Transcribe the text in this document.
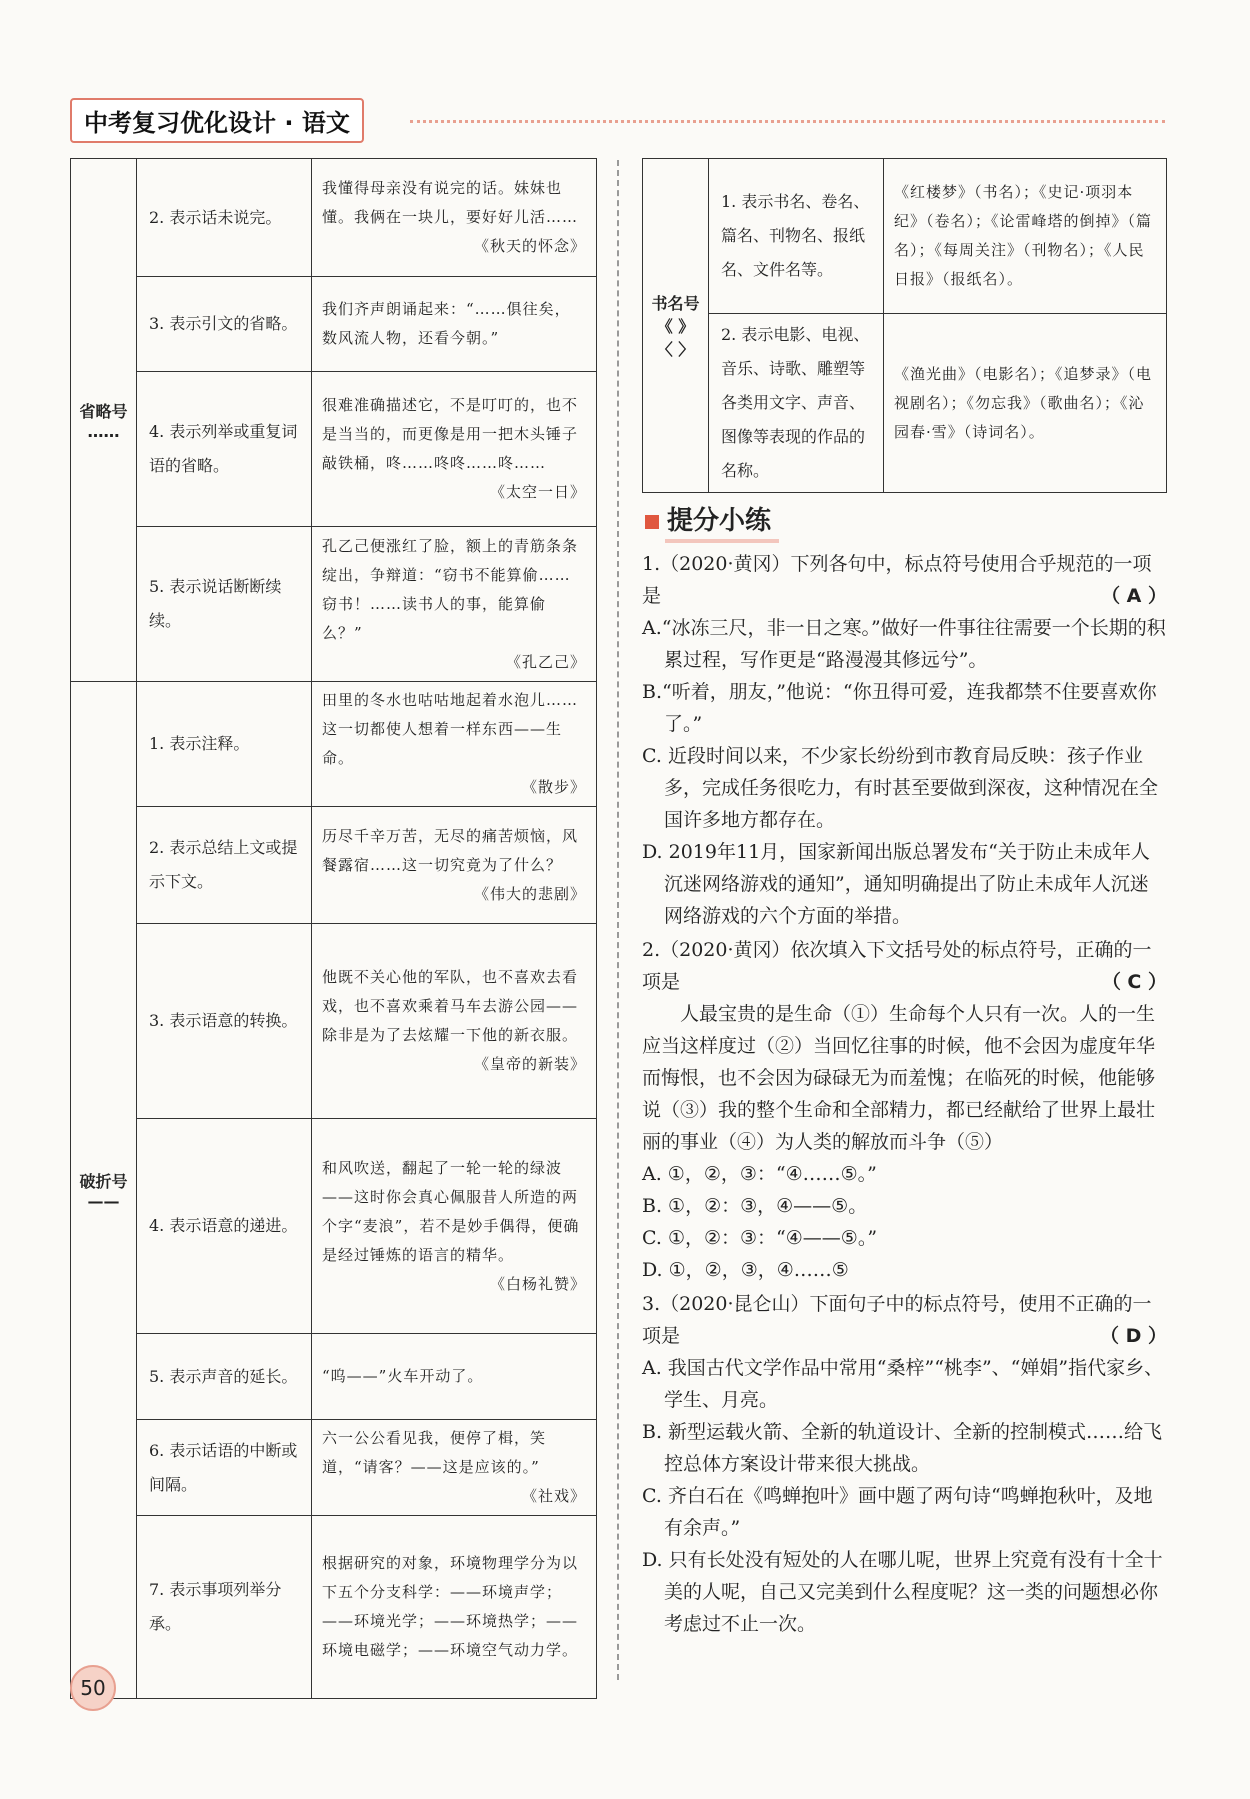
中考复习优化设计 · 语文
省略号
……	2. 表示话未说完。	我懂得母亲没有说完的话。妹妹也懂。我俩在一块儿，要好好儿活……
《秋天的怀念》

	3. 表示引文的省略。	我们齐声朗诵起来：“……俱往矣，数风流人物，还看今朝。”

	4. 表示列举或重复词语的省略。	很难准确描述它，不是叮叮的，也不是当当的，而更像是用一把木头锤子敲铁桶，咚……咚咚……咚……
《太空一日》

	5. 表示说话断断续续。	孔乙己便涨红了脸，额上的青筋条条绽出，争辩道：“窃书不能算偷……窃书！……读书人的事，能算偷么？”
《孔乙己》

破折号
——	1. 表示注释。	田里的冬水也咕咕地起着水泡儿……这一切都使人想着一样东西——生命。
《散步》

	2. 表示总结上文或提示下文。	历尽千辛万苦，无尽的痛苦烦恼，风餐露宿……这一切究竟为了什么？
《伟大的悲剧》

	3. 表示语意的转换。	他既不关心他的军队，也不喜欢去看戏，也不喜欢乘着马车去游公园——除非是为了去炫耀一下他的新衣服。
《皇帝的新装》

	4. 表示语意的递进。	和风吹送，翻起了一轮一轮的绿波——这时你会真心佩服昔人所造的两个字“麦浪”，若不是妙手偶得，便确是经过锤炼的语言的精华。
《白杨礼赞》

	5. 表示声音的延长。	“呜——”火车开动了。

	6. 表示话语的中断或间隔。	六一公公看见我，便停了楫，笑道，“请客？——这是应该的。”
《社戏》

	7. 表示事项列举分承。	根据研究的对象，环境物理学分为以下五个分支科学：——环境声学；——环境光学；——环境热学；——环境电磁学；——环境空气动力学。
书名号
《 》
〈 〉	1. 表示书名、卷名、篇名、刊物名、报纸名、文件名等。	《红楼梦》（书名）；《史记·项羽本纪》（卷名）；《论雷峰塔的倒掉》（篇名）；《每周关注》（刊物名）；《人民日报》（报纸名）。
	2. 表示电影、电视、音乐、诗歌、雕塑等各类用文字、声音、图像等表现的作品的名称。	《渔光曲》（电影名）；《追梦录》（电视剧名）；《勿忘我》（歌曲名）；《沁园春·雪》（诗词名）。
提分小练
1.（2020·黄冈）下列各句中，标点符号使用合乎规范的一项是	（ A ）
A.“冰冻三尺，非一日之寒。”做好一件事往往需要一个长期的积累过程，写作更是“路漫漫其修远兮”。
B.“听着，朋友，”他说：“你丑得可爱，连我都禁不住要喜欢你了。”
C. 近段时间以来，不少家长纷纷到市教育局反映：孩子作业多，完成任务很吃力，有时甚至要做到深夜，这种情况在全国许多地方都存在。
D. 2019年11月，国家新闻出版总署发布“关于防止未成年人沉迷网络游戏的通知”，通知明确提出了防止未成年人沉迷网络游戏的六个方面的举措。
2.（2020·黄冈）依次填入下文括号处的标点符号，正确的一项是	（ C ）
人最宝贵的是生命（①）生命每个人只有一次。人的一生应当这样度过（②）当回忆往事的时候，他不会因为虚度年华而悔恨，也不会因为碌碌无为而羞愧；在临死的时候，他能够说（③）我的整个生命和全部精力，都已经献给了世界上最壮丽的事业（④）为人类的解放而斗争（⑤）
A. ①，②，③：“④……⑤。”
B. ①，②：③，④——⑤。
C. ①，②：③：“④——⑤。”
D. ①，②，③，④……⑤
3.（2020·昆仑山）下面句子中的标点符号，使用不正确的一项是	（ D ）
A. 我国古代文学作品中常用“桑梓”“桃李”、“婵娟”指代家乡、学生、月亮。
B. 新型运载火箭、全新的轨道设计、全新的控制模式……给飞控总体方案设计带来很大挑战。
C. 齐白石在《鸣蝉抱叶》画中题了两句诗“鸣蝉抱秋叶，及地有余声。”
D. 只有长处没有短处的人在哪儿呢，世界上究竟有没有十全十美的人呢，自己又完美到什么程度呢？这一类的问题想必你考虑过不止一次。
50
